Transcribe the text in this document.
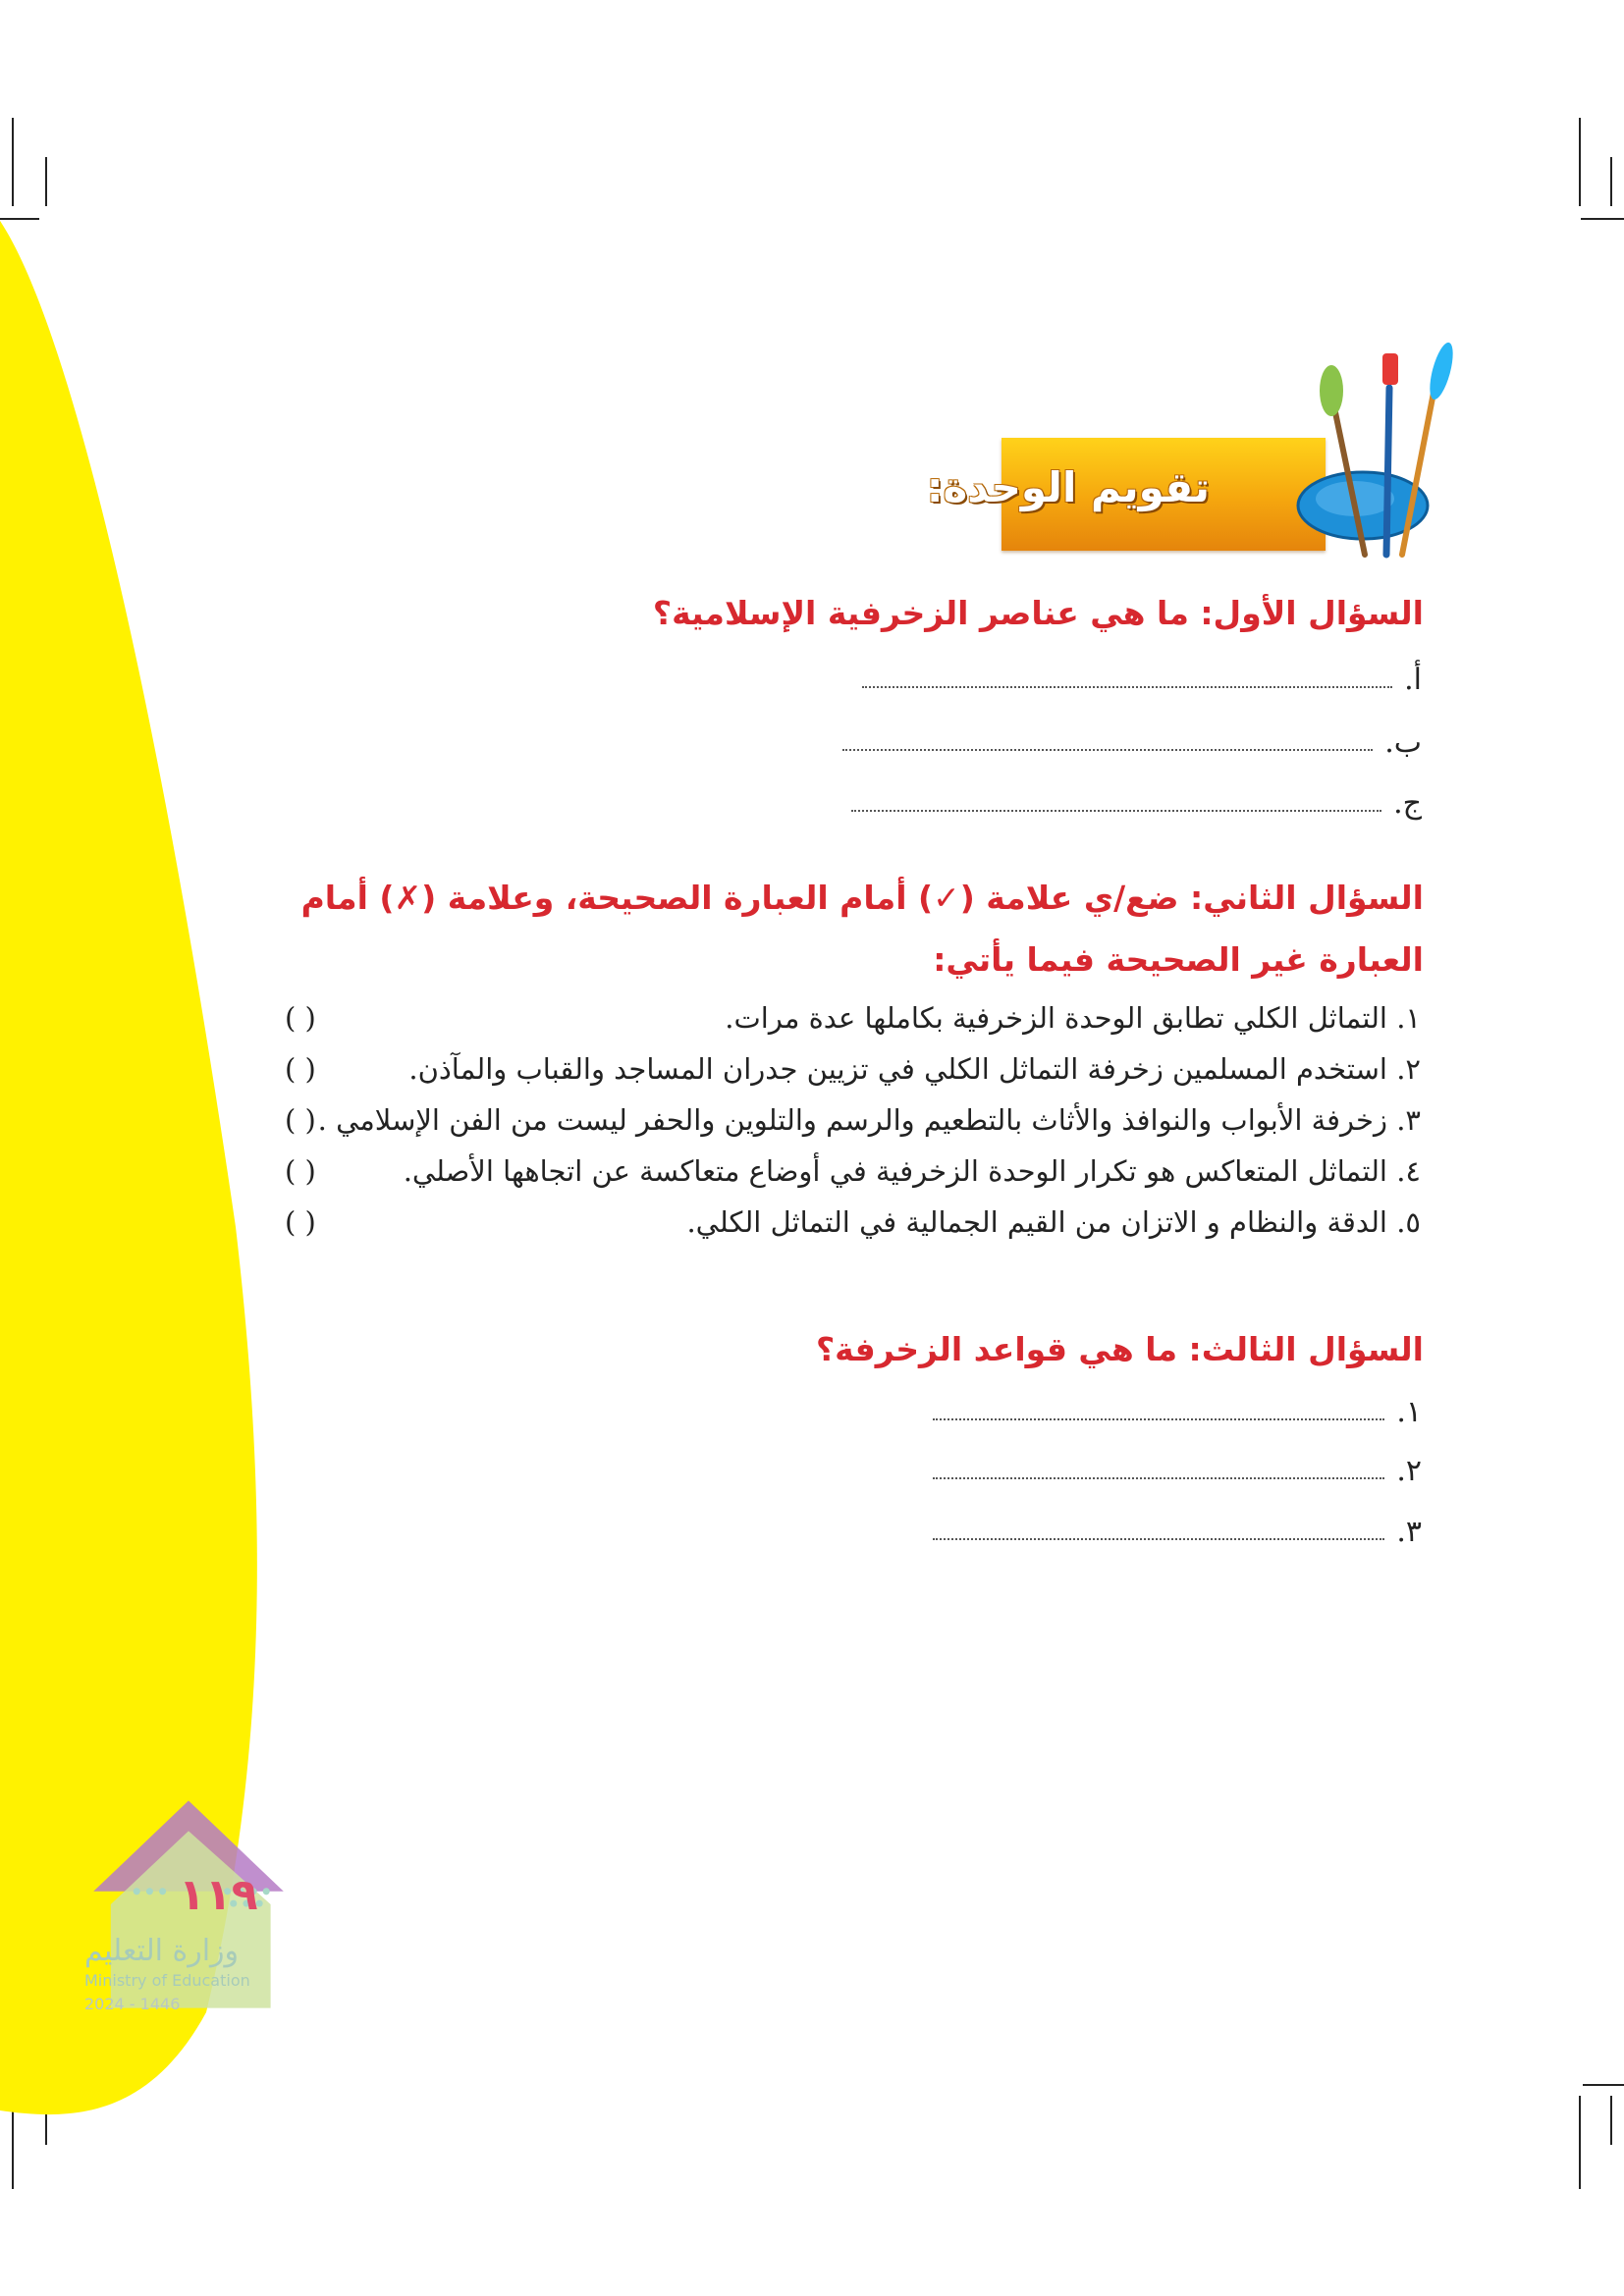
تقويم الوحدة:
السؤال الأول: ما هي عناصر الزخرفية الإسلامية؟
أ.
ب.
ج.
السؤال الثاني: ضع/ي علامة (✓) أمام العبارة الصحيحة، وعلامة (✗) أمام
العبارة غير الصحيحة فيما يأتي:
١. التماثل الكلي تطابق الوحدة الزخرفية بكاملها عدة مرات.
( )
٢. استخدم المسلمين زخرفة التماثل الكلي في تزيين جدران المساجد والقباب والمآذن.
( )
٣. زخرفة الأبواب والنوافذ والأثاث بالتطعيم والرسم والتلوين والحفر ليست من الفن الإسلامي .
( )
٤. التماثل المتعاكس هو تكرار الوحدة الزخرفية في أوضاع متعاكسة عن اتجاهها الأصلي.
( )
٥. الدقة والنظام و الاتزان من القيم الجمالية في التماثل الكلي.
( )
السؤال الثالث: ما هي قواعد الزخرفة؟
١.
٢.
٣.
١١٩
وزارة التعليم
Ministry of Education
2024 - 1446
